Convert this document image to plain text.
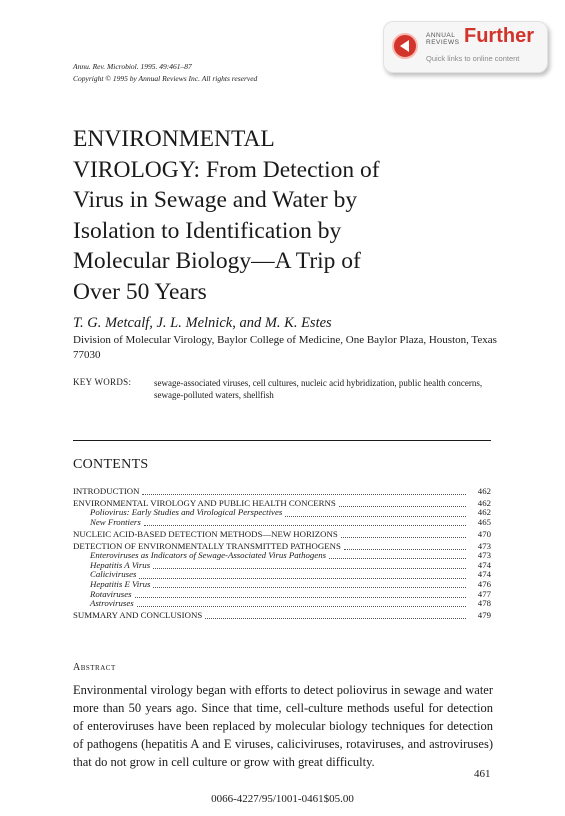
ANNUAL
REVIEWS Further
Quick links to online content
Annu. Rev. Microbiol. 1995. 49:461–87
Copyright © 1995 by Annual Reviews Inc. All rights reserved
ENVIRONMENTAL
VIROLOGY: From Detection of
Virus in Sewage and Water by
Isolation to Identification by
Molecular Biology—A Trip of
Over 50 Years
T. G. Metcalf, J. L. Melnick, and M. K. Estes
Division of Molecular Virology, Baylor College of Medicine, One Baylor Plaza, Houston, Texas 77030
KEY WORDS:	sewage-associated viruses, cell cultures, nucleic acid hybridization, public health concerns, sewage-polluted waters, shellfish
CONTENTS
INTRODUCTION	462
ENVIRONMENTAL VIROLOGY AND PUBLIC HEALTH CONCERNS	462
Poliovirus: Early Studies and Virological Perspectives	462
New Frontiers	465
NUCLEIC ACID-BASED DETECTION METHODS—NEW HORIZONS	470
DETECTION OF ENVIRONMENTALLY TRANSMITTED PATHOGENS	473
Enteroviruses as Indicators of Sewage-Associated Virus Pathogens	473
Hepatitis A Virus	474
Caliciviruses	474
Hepatitis E Virus	476
Rotaviruses	477
Astroviruses	478
SUMMARY AND CONCLUSIONS	479
Abstract

Environmental virology began with efforts to detect poliovirus in sewage and water more than 50 years ago. Since that time, cell-culture methods useful for detection of enteroviruses have been replaced by molecular biology techniques for detection of pathogens (hepatitis A and E viruses, caliciviruses, rotaviruses, and astroviruses) that do not grow in cell culture or grow with great difficulty.

461
0066-4227/95/1001-0461$05.00
